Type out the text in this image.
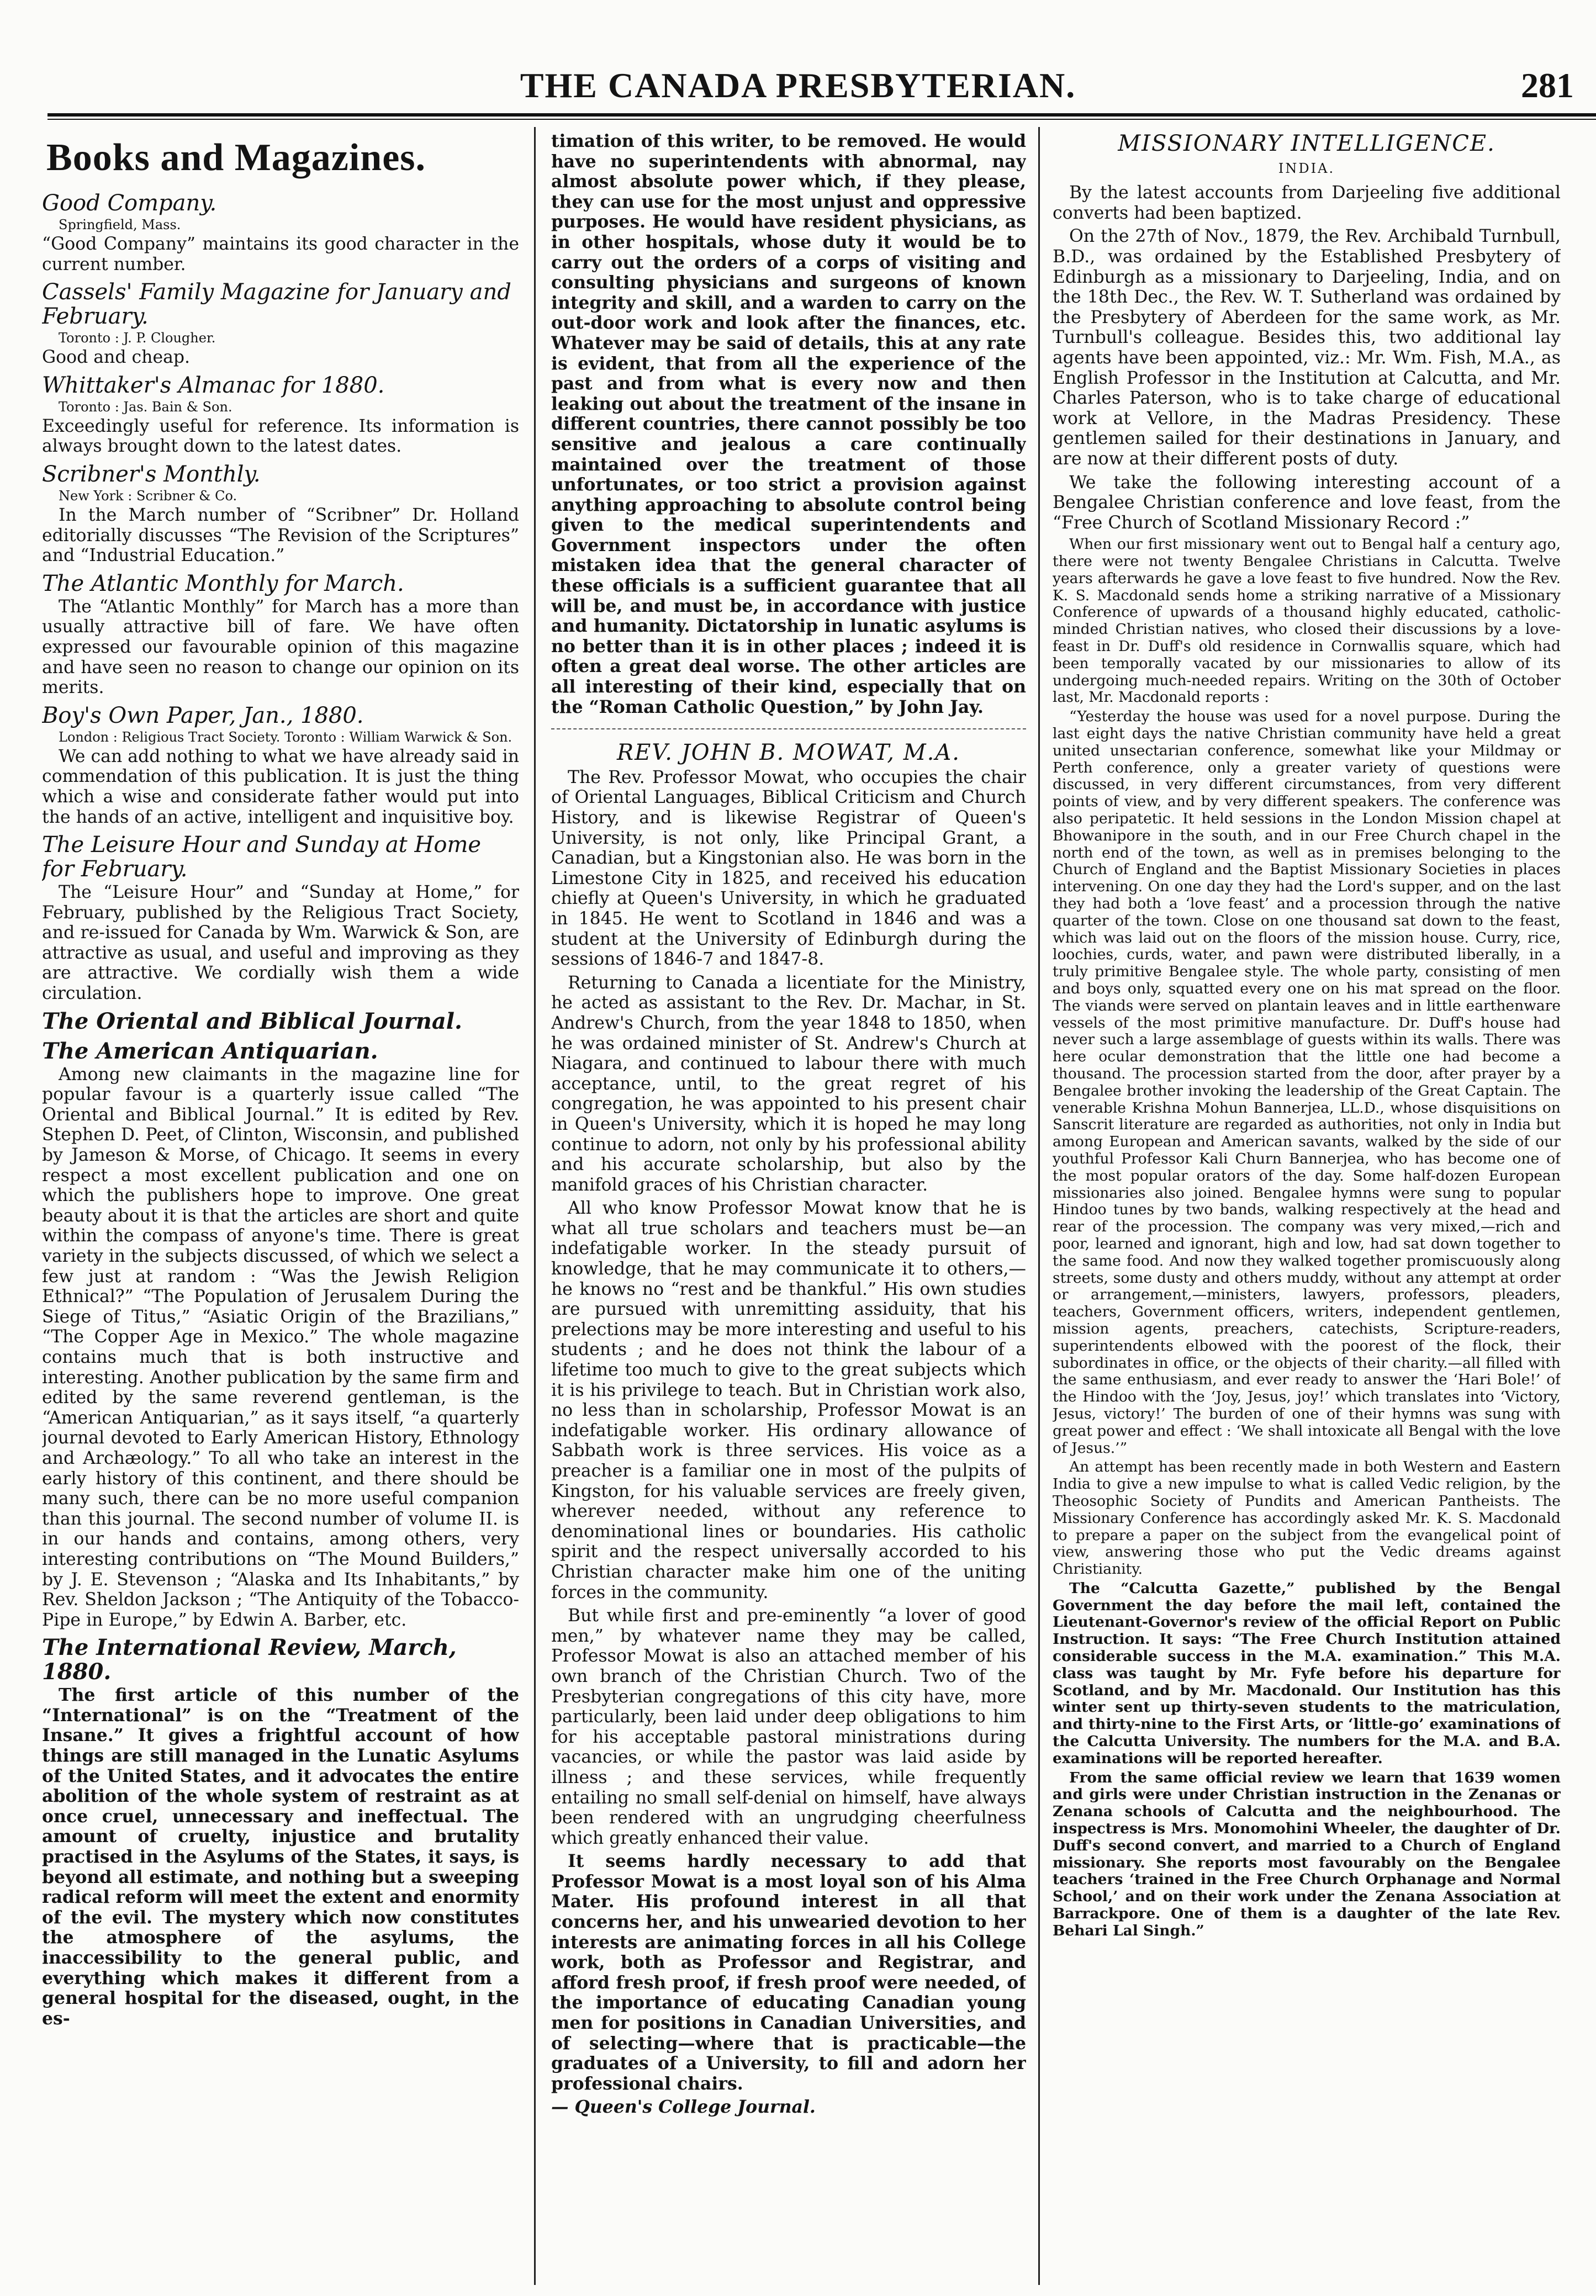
THE CANADA PRESBYTERIAN.	281
Books and Magazines.
Good Company.
Springfield, Mass.

“Good Company” maintains its good character in the current number.

Cassels' Family Magazine for January and February.
Toronto : J. P. Clougher.

Good and cheap.

Whittaker's Almanac for 1880.
Toronto : Jas. Bain & Son.

Exceedingly useful for reference. Its information is always brought down to the latest dates.

Scribner's Monthly.
New York : Scribner & Co.

In the March number of “Scribner” Dr. Holland editorially discusses “The Revision of the Scriptures” and “Industrial Education.”

The Atlantic Monthly for March.

The “Atlantic Monthly” for March has a more than usually attractive bill of fare. We have often expressed our favourable opinion of this magazine and have seen no reason to change our opinion on its merits.

Boy's Own Paper, Jan., 1880.
London : Religious Tract Society. Toronto : William Warwick & Son.

We can add nothing to what we have already said in commendation of this publication. It is just the thing which a wise and considerate father would put into the hands of an active, intelligent and inquisitive boy.

The Leisure Hour and Sunday at Home for February.

The “Leisure Hour” and “Sunday at Home,” for February, published by the Religious Tract Society, and re-issued for Canada by Wm. Warwick & Son, are attractive as usual, and useful and improving as they are attractive. We cordially wish them a wide circulation.

The Oriental and Biblical Journal.
The American Antiquarian.

Among new claimants in the magazine line for popular favour is a quarterly issue called “The Oriental and Biblical Journal.” It is edited by Rev. Stephen D. Peet, of Clinton, Wisconsin, and published by Jameson & Morse, of Chicago. It seems in every respect a most excellent publication and one on which the publishers hope to improve. One great beauty about it is that the articles are short and quite within the compass of anyone's time. There is great variety in the subjects discussed, of which we select a few just at random : “Was the Jewish Religion Ethnical?” “The Population of Jerusalem During the Siege of Titus,” “Asiatic Origin of the Brazilians,” “The Copper Age in Mexico.” The whole magazine contains much that is both instructive and interesting. Another publication by the same firm and edited by the same reverend gentleman, is the “American Antiquarian,” as it says itself, “a quarterly journal devoted to Early American History, Ethnology and Archæology.” To all who take an interest in the early history of this continent, and there should be many such, there can be no more useful companion than this journal. The second number of volume II. is in our hands and contains, among others, very interesting contributions on “The Mound Builders,” by J. E. Stevenson ; “Alaska and Its Inhabitants,” by Rev. Sheldon Jackson ; “The Antiquity of the Tobacco-Pipe in Europe,” by Edwin A. Barber, etc.

The International Review, March, 1880.

The first article of this number of the “International” is on the “Treatment of the Insane.” It gives a frightful account of how things are still managed in the Lunatic Asylums of the United States, and it advocates the entire abolition of the whole system of restraint as at once cruel, unnecessary and ineffectual. The amount of cruelty, injustice and brutality practised in the Asylums of the States, it says, is beyond all estimate, and nothing but a sweeping radical reform will meet the extent and enormity of the evil. The mystery which now constitutes the atmosphere of the asylums, the inaccessibility to the general public, and everything which makes it different from a general hospital for the diseased, ought, in the es-

timation of this writer, to be removed. He would have no superintendents with abnormal, nay almost absolute power which, if they please, they can use for the most unjust and oppressive purposes. He would have resident physicians, as in other hospitals, whose duty it would be to carry out the orders of a corps of visiting and consulting physicians and surgeons of known integrity and skill, and a warden to carry on the out-door work and look after the finances, etc. Whatever may be said of details, this at any rate is evident, that from all the experience of the past and from what is every now and then leaking out about the treatment of the insane in different countries, there cannot possibly be too sensitive and jealous a care continually maintained over the treatment of those unfortunates, or too strict a provision against anything approaching to absolute control being given to the medical superintendents and Government inspectors under the often mistaken idea that the general character of these officials is a sufficient guarantee that all will be, and must be, in accordance with justice and humanity. Dictatorship in lunatic asylums is no better than it is in other places ; indeed it is often a great deal worse. The other articles are all interesting of their kind, especially that on the “Roman Catholic Question,” by John Jay.

REV. JOHN B. MOWAT, M.A.

The Rev. Professor Mowat, who occupies the chair of Oriental Languages, Biblical Criticism and Church History, and is likewise Registrar of Queen's University, is not only, like Principal Grant, a Canadian, but a Kingstonian also. He was born in the Limestone City in 1825, and received his education chiefly at Queen's University, in which he graduated in 1845. He went to Scotland in 1846 and was a student at the University of Edinburgh during the sessions of 1846-7 and 1847-8.

Returning to Canada a licentiate for the Ministry, he acted as assistant to the Rev. Dr. Machar, in St. Andrew's Church, from the year 1848 to 1850, when he was ordained minister of St. Andrew's Church at Niagara, and continued to labour there with much acceptance, until, to the great regret of his congregation, he was appointed to his present chair in Queen's University, which it is hoped he may long continue to adorn, not only by his professional ability and his accurate scholarship, but also by the manifold graces of his Christian character.

All who know Professor Mowat know that he is what all true scholars and teachers must be—an indefatigable worker. In the steady pursuit of knowledge, that he may communicate it to others,—he knows no “rest and be thankful.” His own studies are pursued with unremitting assiduity, that his prelections may be more interesting and useful to his students ; and he does not think the labour of a lifetime too much to give to the great subjects which it is his privilege to teach. But in Christian work also, no less than in scholarship, Professor Mowat is an indefatigable worker. His ordinary allowance of Sabbath work is three services. His voice as a preacher is a familiar one in most of the pulpits of Kingston, for his valuable services are freely given, wherever needed, without any reference to denominational lines or boundaries. His catholic spirit and the respect universally accorded to his Christian character make him one of the uniting forces in the community.

But while first and pre-eminently “a lover of good men,” by whatever name they may be called, Professor Mowat is also an attached member of his own branch of the Christian Church. Two of the Presbyterian congregations of this city have, more particularly, been laid under deep obligations to him for his acceptable pastoral ministrations during vacancies, or while the pastor was laid aside by illness ; and these services, while frequently entailing no small self-denial on himself, have always been rendered with an ungrudging cheerfulness which greatly enhanced their value.

It seems hardly necessary to add that Professor Mowat is a most loyal son of his Alma Mater. His profound interest in all that concerns her, and his unwearied devotion to her interests are animating forces in all his College work, both as Professor and Registrar, and afford fresh proof, if fresh proof were needed, of the importance of educating Canadian young men for positions in Canadian Universities, and of selecting—where that is practicable—the graduates of a University, to fill and adorn her professional chairs.

— Queen's College Journal.

MISSIONARY INTELLIGENCE.
INDIA.

By the latest accounts from Darjeeling five additional converts had been baptized.

On the 27th of Nov., 1879, the Rev. Archibald Turnbull, B.D., was ordained by the Established Presbytery of Edinburgh as a missionary to Darjeeling, India, and on the 18th Dec., the Rev. W. T. Sutherland was ordained by the Presbytery of Aberdeen for the same work, as Mr. Turnbull's colleague. Besides this, two additional lay agents have been appointed, viz.: Mr. Wm. Fish, M.A., as English Professor in the Institution at Calcutta, and Mr. Charles Paterson, who is to take charge of educational work at Vellore, in the Madras Presidency. These gentlemen sailed for their destinations in January, and are now at their different posts of duty.

We take the following interesting account of a Bengalee Christian conference and love feast, from the “Free Church of Scotland Missionary Record :”

When our first missionary went out to Bengal half a century ago, there were not twenty Bengalee Christians in Calcutta. Twelve years afterwards he gave a love feast to five hundred. Now the Rev. K. S. Macdonald sends home a striking narrative of a Missionary Conference of upwards of a thousand highly educated, catholic-minded Christian natives, who closed their discussions by a love-feast in Dr. Duff's old residence in Cornwallis square, which had been temporally vacated by our missionaries to allow of its undergoing much-needed repairs. Writing on the 30th of October last, Mr. Macdonald reports :

“Yesterday the house was used for a novel purpose. During the last eight days the native Christian community have held a great united unsectarian conference, somewhat like your Mildmay or Perth conference, only a greater variety of questions were discussed, in very different circumstances, from very different points of view, and by very different speakers. The conference was also peripatetic. It held sessions in the London Mission chapel at Bhowanipore in the south, and in our Free Church chapel in the north end of the town, as well as in premises belonging to the Church of England and the Baptist Missionary Societies in places intervening. On one day they had the Lord's supper, and on the last they had both a ‘love feast’ and a procession through the native quarter of the town. Close on one thousand sat down to the feast, which was laid out on the floors of the mission house. Curry, rice, loochies, curds, water, and pawn were distributed liberally, in a truly primitive Bengalee style. The whole party, consisting of men and boys only, squatted every one on his mat spread on the floor. The viands were served on plantain leaves and in little earthenware vessels of the most primitive manufacture. Dr. Duff's house had never such a large assemblage of guests within its walls. There was here ocular demonstration that the little one had become a thousand. The procession started from the door, after prayer by a Bengalee brother invoking the leadership of the Great Captain. The venerable Krishna Mohun Bannerjea, LL.D., whose disquisitions on Sanscrit literature are regarded as authorities, not only in India but among European and American savants, walked by the side of our youthful Professor Kali Churn Bannerjea, who has become one of the most popular orators of the day. Some half-dozen European missionaries also joined. Bengalee hymns were sung to popular Hindoo tunes by two bands, walking respectively at the head and rear of the procession. The company was very mixed,—rich and poor, learned and ignorant, high and low, had sat down together to the same food. And now they walked together promiscuously along streets, some dusty and others muddy, without any attempt at order or arrangement,—ministers, lawyers, professors, pleaders, teachers, Government officers, writers, independent gentlemen, mission agents, preachers, catechists, Scripture-readers, superintendents elbowed with the poorest of the flock, their subordinates in office, or the objects of their charity.—all filled with the same enthusiasm, and ever ready to answer the ‘Hari Bole!’ of the Hindoo with the ‘Joy, Jesus, joy!’ which translates into ‘Victory, Jesus, victory!’ The burden of one of their hymns was sung with great power and effect : ‘We shall intoxicate all Bengal with the love of Jesus.’”

An attempt has been recently made in both Western and Eastern India to give a new impulse to what is called Vedic religion, by the Theosophic Society of Pundits and American Pantheists. The Missionary Conference has accordingly asked Mr. K. S. Macdonald to prepare a paper on the subject from the evangelical point of view, answering those who put the Vedic dreams against Christianity.

The “Calcutta Gazette,” published by the Bengal Government the day before the mail left, contained the Lieutenant-Governor's review of the official Report on Public Instruction. It says: “The Free Church Institution attained considerable success in the M.A. examination.” This M.A. class was taught by Mr. Fyfe before his departure for Scotland, and by Mr. Macdonald. Our Institution has this winter sent up thirty-seven students to the matriculation, and thirty-nine to the First Arts, or ‘little-go’ examinations of the Calcutta University. The numbers for the M.A. and B.A. examinations will be reported hereafter.

From the same official review we learn that 1639 women and girls were under Christian instruction in the Zenanas or Zenana schools of Calcutta and the neighbourhood. The inspectress is Mrs. Monomohini Wheeler, the daughter of Dr. Duff's second convert, and married to a Church of England missionary. She reports most favourably on the Bengalee teachers ‘trained in the Free Church Orphanage and Normal School,’ and on their work under the Zenana Association at Barrackpore. One of them is a daughter of the late Rev. Behari Lal Singh.”
